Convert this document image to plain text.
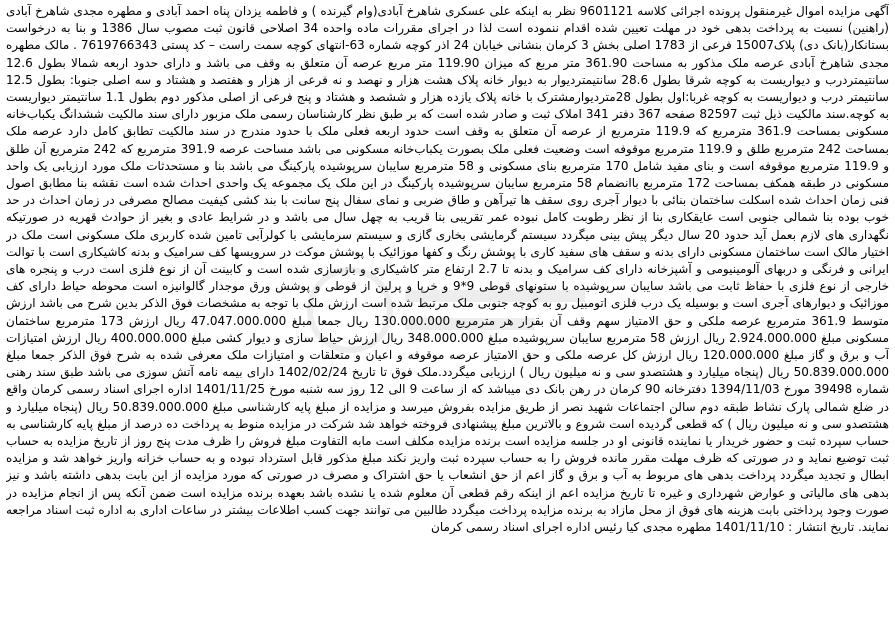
آگهی مزایده اموال غیرمنقول پرونده اجرائی کلاسه 9601121 نظر به اینکه علی عسکری شاهرخ آبادی(وام گیرنده ) و فاطمه یزدان پناه احمد آبادی و مطهره مجدی شاهرخ آبادی (راهنین) نسبت به پرداخت بدهی خود در مهلت تعیین شده اقدام ننموده است لذا در اجرای مقررات ماده واحده 34 اصلاحی قانون ثبت مصوب سال 1386 و بنا به درخواست بستانکار(بانک دی) پلاک15007 فرعی از 1783 اصلی بخش 3 کرمان بنشانی خیابان 24 اذر کوچه شماره 63-انتهای کوچه سمت راست – کد پستی 7619766343 . مالک مطهره مجدی شاهرخ آبادی عرصه ملک مذکور به مساحت 361.90 متر مربع که میزان 119.90 متر مربع عرصه آن متعلق به وقف می باشد و دارای حدود اربعه شمالا بطول 12.6 سانتیمتردرب و دیواریست به کوچه شرقا بطول 28.6 سانتیمتردیوار به دیوار خانه پلاک هشت هزار و نهصد و نه فرعی از هزار و هفتصد و هشتاد و سه اصلی جنوبا: بطول 12.5 سانتیمتر درب و دیواریست به کوچه غربا:اول بطول 28متردیوارمشترک با خانه پلاک یازده هزار و ششصد و هشتاد و پنج فرعی از اصلی مذکور دوم بطول 1.1 سانتیمتر دیواریست به کوچه.سند مالکیت ذیل ثبت 82597 صفحه 367 دفتر 341 املاک ثبت و صادر شده است که بر طبق نظر کارشناسان رسمی ملک مزبور دارای سند مالکیت ششدانگ یکباب‌خانه مسکونی بمساحت 361.9 مترمربع که 119.9 مترمربع از عرصه آن متعلق به وقف است حدود اربعه فعلی ملک با حدود مندرج در سند مالکیت تطابق کامل دارد عرصه ملک بمساحت 242 مترمربع طلق و 119.9 مترمربع موقوفه است وضعیت فعلی ملک بصورت یکباب‌خانه مسکونی می باشد مساحت عرصه 391.9 مترمربع که 242 مترمربع آن طلق و 119.9 مترمربع موقوفه است و بنای مفید شامل 170 مترمربع بنای مسکونی و 58 مترمربع سایبان سرپوشیده پارکینگ می باشد بنا و مستحدثات ملک مورد ارزیابی یک واحد مسکونی در طبقه همکف بمساحت 172 مترمربع باانضمام 58 مترمربع سایبان سرپوشیده پارکینگ در این ملک یک مجموعه یک واحدی احداث شده است نقشه بنا مطابق اصول فنی زمان احداث شده اسکلت ساختمان بنائی با دیوار آجری روی سقف ها تیرآهن و طاق ضربی و نمای سفال پنج سانت با بند کشی کیفیت مصالح مصرفی در زمان احداث در حد خوب بوده بنا شمالی جنوبی است عایقکاری بنا از نظر رطوبت کامل نبوده عمر تقریبی بنا قریب به چهل سال می باشد و در شرایط عادی و بغیر از حوادث قهریه در صورتیکه نگهداری های لازم بعمل آید حدود 20 سال دیگر پیش بینی میگردد سیستم گرمایشی بخاری گازی و سیستم سرمایشی با کولرآبی تامین شده کاربری ملک مسکونی است ملک در اختیار مالک است ساختمان مسکونی دارای بدنه و سقف های سفید کاری با پوشش رنگ و کفها موزائیک با پوشش موکت در سرویسها کف سرامیک و بدنه کاشیکاری است با توالت ایرانی و فرنگی و دربهای آلومینیومی و آشپزخانه دارای کف سرامیک و بدنه تا 2.7 ارتفاع متر کاشیکاری و بازسازی شده است و کابینت آن از نوع فلزی است درب و پنجره های خارجی از نوع فلزی با حفاظ ثابت می باشد سایبان سرپوشیده با ستونهای قوطی 9*9 و خرپا و پرلین از قوطی و پوشش ورق موجدار گالوانیزه است محوطه حیاط دارای کف موزائیک و دیوارهای آجری است و بوسیله یک درب فلزی اتومبیل رو به کوچه جنوبی ملک مرتبط شده است ارزش ملک با توجه به مشخصات فوق الذکر بدین شرح می باشد ارزش متوسط 361.9 مترمربع عرصه ملکی و حق الامتیاز سهم وقف آن بقرار هر مترمربع 130.000.000 ریال جمعا مبلغ 47.047.000.000 ریال ارزش 173 مترمربع ساختمان مسکونی مبلغ 2.924.000.000 ریال ارزش 58 مترمربع سایبان سرپوشیده مبلغ 348.000.000 ریال ارزش حیاط سازی و دیوار کشی مبلغ 400.000.000 ریال ارزش امتیازات آب و برق و گاز مبلغ 120.000.000 ریال ارزش کل عرصه ملکی و حق الامتیاز عرصه موقوفه و اعیان و متعلقات و امتیازات ملک معرفی شده به شرح فوق الذکر جمعا مبلغ 50.839.000.000 ریال (پنجاه میلیارد و هشتصدو سی و نه میلیون ریال ) ارزیابی میگردد.ملک فوق تا تاریخ 1402/02/24 دارای بیمه نامه آتش سوزی می باشد طبق سند رهنی شماره 39498 مورخ 1394/11/03 دفترخانه 90 کرمان در رهن بانک دی میباشد که از ساعت 9 الی 12 روز سه شنبه مورخ 1401/11/25 اداره اجرای اسناد رسمی کرمان واقع در ضلع شمالی پارک نشاط طبقه دوم سالن اجتماعات شهید نصر از طریق مزایده بفروش میرسد و مزایده از مبلغ پایه کارشناسی مبلغ 50.839.000.000 ریال (پنجاه میلیارد و هشتصدو سی و نه میلیون ریال ) که قطعی گردیده است شروع و بالاترین مبلغ پیشنهادی فروخته خواهد شد شرکت در مزایده منوط به پرداخت ده درصد از مبلغ پایه کارشناسی به حساب سپرده ثبت و حضور خریدار یا نماینده قانونی او در جلسه مزایده است برنده مزایده مکلف است مابه التفاوت مبلغ فروش را ظرف مدت پنج روز از تاریخ مزایده به حساب ثبت توضیع نماید و در صورتی که ظرف مهلت مقرر مانده فروش را به حساب سپرده ثبت واریز نکند مبلغ مذکور قابل استرداد نبوده و به حساب خزانه واریز خواهد شد و مزایده ابطال و تجدید میگردد پرداخت بدهی های مربوط به آب و برق و گاز اعم از حق انشعاب یا حق اشتراک و مصرف در صورتی که مورد مزایده از این بابت بدهی داشته باشد و نیز بدهی های مالیاتی و عوارض شهرداری و غیره تا تاریخ مزایده اعم از اینکه رقم قطعی آن معلوم شده یا نشده باشد بعهده برنده مزایده است ضمن آنکه پس از انجام مزایده در صورت وجود پرداختی بابت هزینه های فوق از محل مازاد به برنده مزایده پرداخت میگردد طالبین می توانند جهت کسب اطلاعات بیشتر در ساعات اداری به اداره ثبت اسناد مراجعه نمایند. تاریخ انتشار : 1401/11/10 مطهره مجدی کیا رئیس اداره اجرای اسناد رسمی کرمان
